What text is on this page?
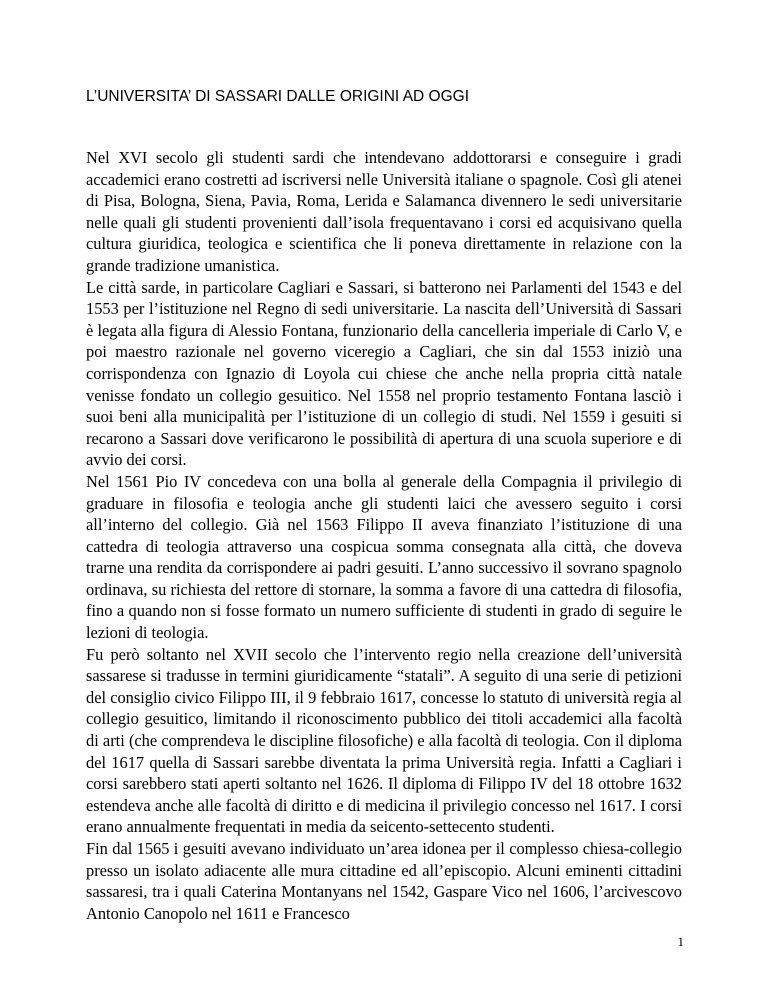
L’UNIVERSITA’ DI SASSARI DALLE ORIGINI AD OGGI

Nel XVI secolo gli studenti sardi che intendevano addottorarsi e conseguire i gradi accademici erano costretti ad iscriversi nelle Università italiane o spagnole. Così gli atenei di Pisa, Bologna, Siena, Pavia, Roma, Lerida e Salamanca divennero le sedi universitarie nelle quali gli studenti provenienti dall’isola frequentavano i corsi ed acquisivano quella cultura giuridica, teologica e scientifica che li poneva direttamente in relazione con la grande tradizione umanistica.

Le città sarde, in particolare Cagliari e Sassari, si batterono nei Parlamenti del 1543 e del 1553 per l’istituzione nel Regno di sedi universitarie. La nascita dell’Università di Sassari è legata alla figura di Alessio Fontana, funzionario della cancelleria imperiale di Carlo V, e poi maestro razionale nel governo viceregio a Cagliari, che sin dal 1553 iniziò una corrispondenza con Ignazio di Loyola cui chiese che anche nella propria città natale venisse fondato un collegio gesuitico. Nel 1558 nel proprio testamento Fontana lasciò i suoi beni alla municipalità per l’istituzione di un collegio di studi. Nel 1559 i gesuiti si recarono a Sassari dove verificarono le possibilità di apertura di una scuola superiore e di avvio dei corsi.

Nel 1561 Pio IV concedeva con una bolla al generale della Compagnia il privilegio di graduare in filosofia e teologia anche gli studenti laici che avessero seguito i corsi all’interno del collegio. Già nel 1563 Filippo II aveva finanziato l’istituzione di una cattedra di teologia attraverso una cospicua somma consegnata alla città, che doveva trarne una rendita da corrispondere ai padri gesuiti. L’anno successivo il sovrano spagnolo ordinava, su richiesta del rettore di stornare, la somma a favore di una cattedra di filosofia, fino a quando non si fosse formato un numero sufficiente di studenti in grado di seguire le lezioni di teologia.

Fu però soltanto nel XVII secolo che l’intervento regio nella creazione dell’università sassarese si tradusse in termini giuridicamente “statali”. A seguito di una serie di petizioni del consiglio civico Filippo III, il 9 febbraio 1617, concesse lo statuto di università regia al collegio gesuitico, limitando il riconoscimento pubblico dei titoli accademici alla facoltà di arti (che comprendeva le discipline filosofiche) e alla facoltà di teologia. Con il diploma del 1617 quella di Sassari sarebbe diventata la prima Università regia. Infatti a Cagliari i corsi sarebbero stati aperti soltanto nel 1626. Il diploma di Filippo IV del 18 ottobre 1632 estendeva anche alle facoltà di diritto e di medicina il privilegio concesso nel 1617. I corsi erano annualmente frequentati in media da seicento-settecento studenti.

Fin dal 1565 i gesuiti avevano individuato un’area idonea per il complesso chiesa-collegio presso un isolato adiacente alle mura cittadine ed all’episcopio. Alcuni eminenti cittadini sassaresi, tra i quali Caterina Montanyans nel 1542, Gaspare Vico nel 1606, l’arcivescovo Antonio Canopolo nel 1611 e Francesco

1
